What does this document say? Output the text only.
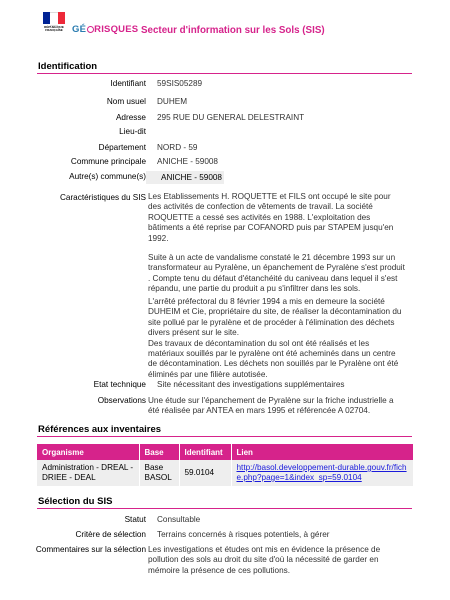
RÉPUBLIQUE FRANÇAISE GÉ RISQUES Secteur d'information sur les Sols (SIS)
Identification
Identifiant 59SIS05289
Nom usuel DUHEM
Adresse 295 RUE DU GENERAL DELESTRAINT
Lieu-dit
Département NORD - 59
Commune principale ANICHE - 59008
Autre(s) commune(s)	ANICHE - 59008
Caractéristiques du SIS Les Etablissements H. ROQUETTE et FILS ont occupé le site pour
des activités de confection de vêtements de travail. La société
ROQUETTE a cessé ses activités en 1988. L'exploitation des
bâtiments a été reprise par COFANORD puis par STAPEM jusqu'en
1992.
Suite à un acte de vandalisme constaté le 21 décembre 1993 sur un
transformateur au Pyralène, un épanchement de Pyralène s'est produit
. Compte tenu du défaut d'étanchéité du caniveau dans lequel il s'est
répandu, une partie du produit a pu s'infiltrer dans les sols.
L'arrêté préfectoral du 8 février 1994 a mis en demeure la société
DUHEIM et Cie, propriétaire du site, de réaliser la décontamination du
site pollué par le pyralène et de procéder à l'élimination des déchets
divers présent sur le site.
Des travaux de décontamination du sol ont été réalisés et les
matériaux souillés par le pyralène ont été acheminés dans un centre
de décontamination. Les déchets non souillés par le Pyralène ont été
éliminés par une filière autotisée.
Etat technique Site nécessitant des investigations supplémentaires
Observations Une étude sur l'épanchement de Pyralène sur la friche industrielle a
été réalisée par ANTEA en mars 1995 et référencée A 02704.
Références aux inventaires
Organisme	Base	Identifiant	Lien
Administration - DREAL - DRIEE - DEAL	Base BASOL	59.0104	http://basol.developpement-durable.gouv.fr/fiche.php?page=1&index_sp=59.0104
Sélection du SIS
Statut Consultable
Critère de sélection Terrains concernés à risques potentiels, à gérer
Commentaires sur la sélection Les investigations et études ont mis en évidence la présence de
pollution des sols au droit du site d'où la nécessité de garder en
mémoire la présence de ces pollutions.
